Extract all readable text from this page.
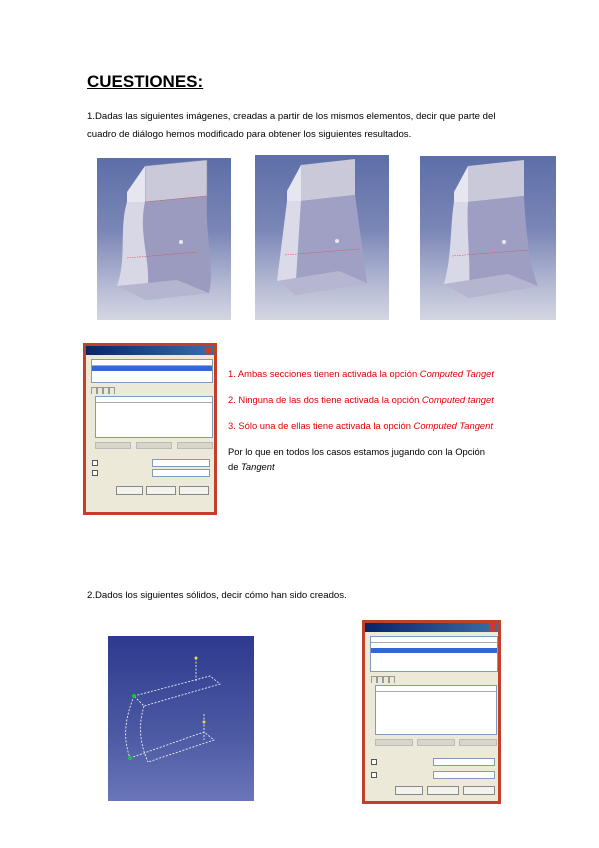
CUESTIONES:
1.Dadas las siguientes imágenes, creadas a partir de los mismos elementos, decir que parte del
cuadro de diálogo hemos modificado para obtener los siguientes resultados.
1. Ambas secciones tienen activada la opción Computed Tanget
2. Ninguna de las dos tiene activada la opción Computed tanget
3. Sólo una de ellas tiene activada la opción Computed Tangent
Por lo que en todos los casos estamos jugando con la Opción
de Tangent
2.Dados los siguientes sólidos, decir cómo han sido creados.
